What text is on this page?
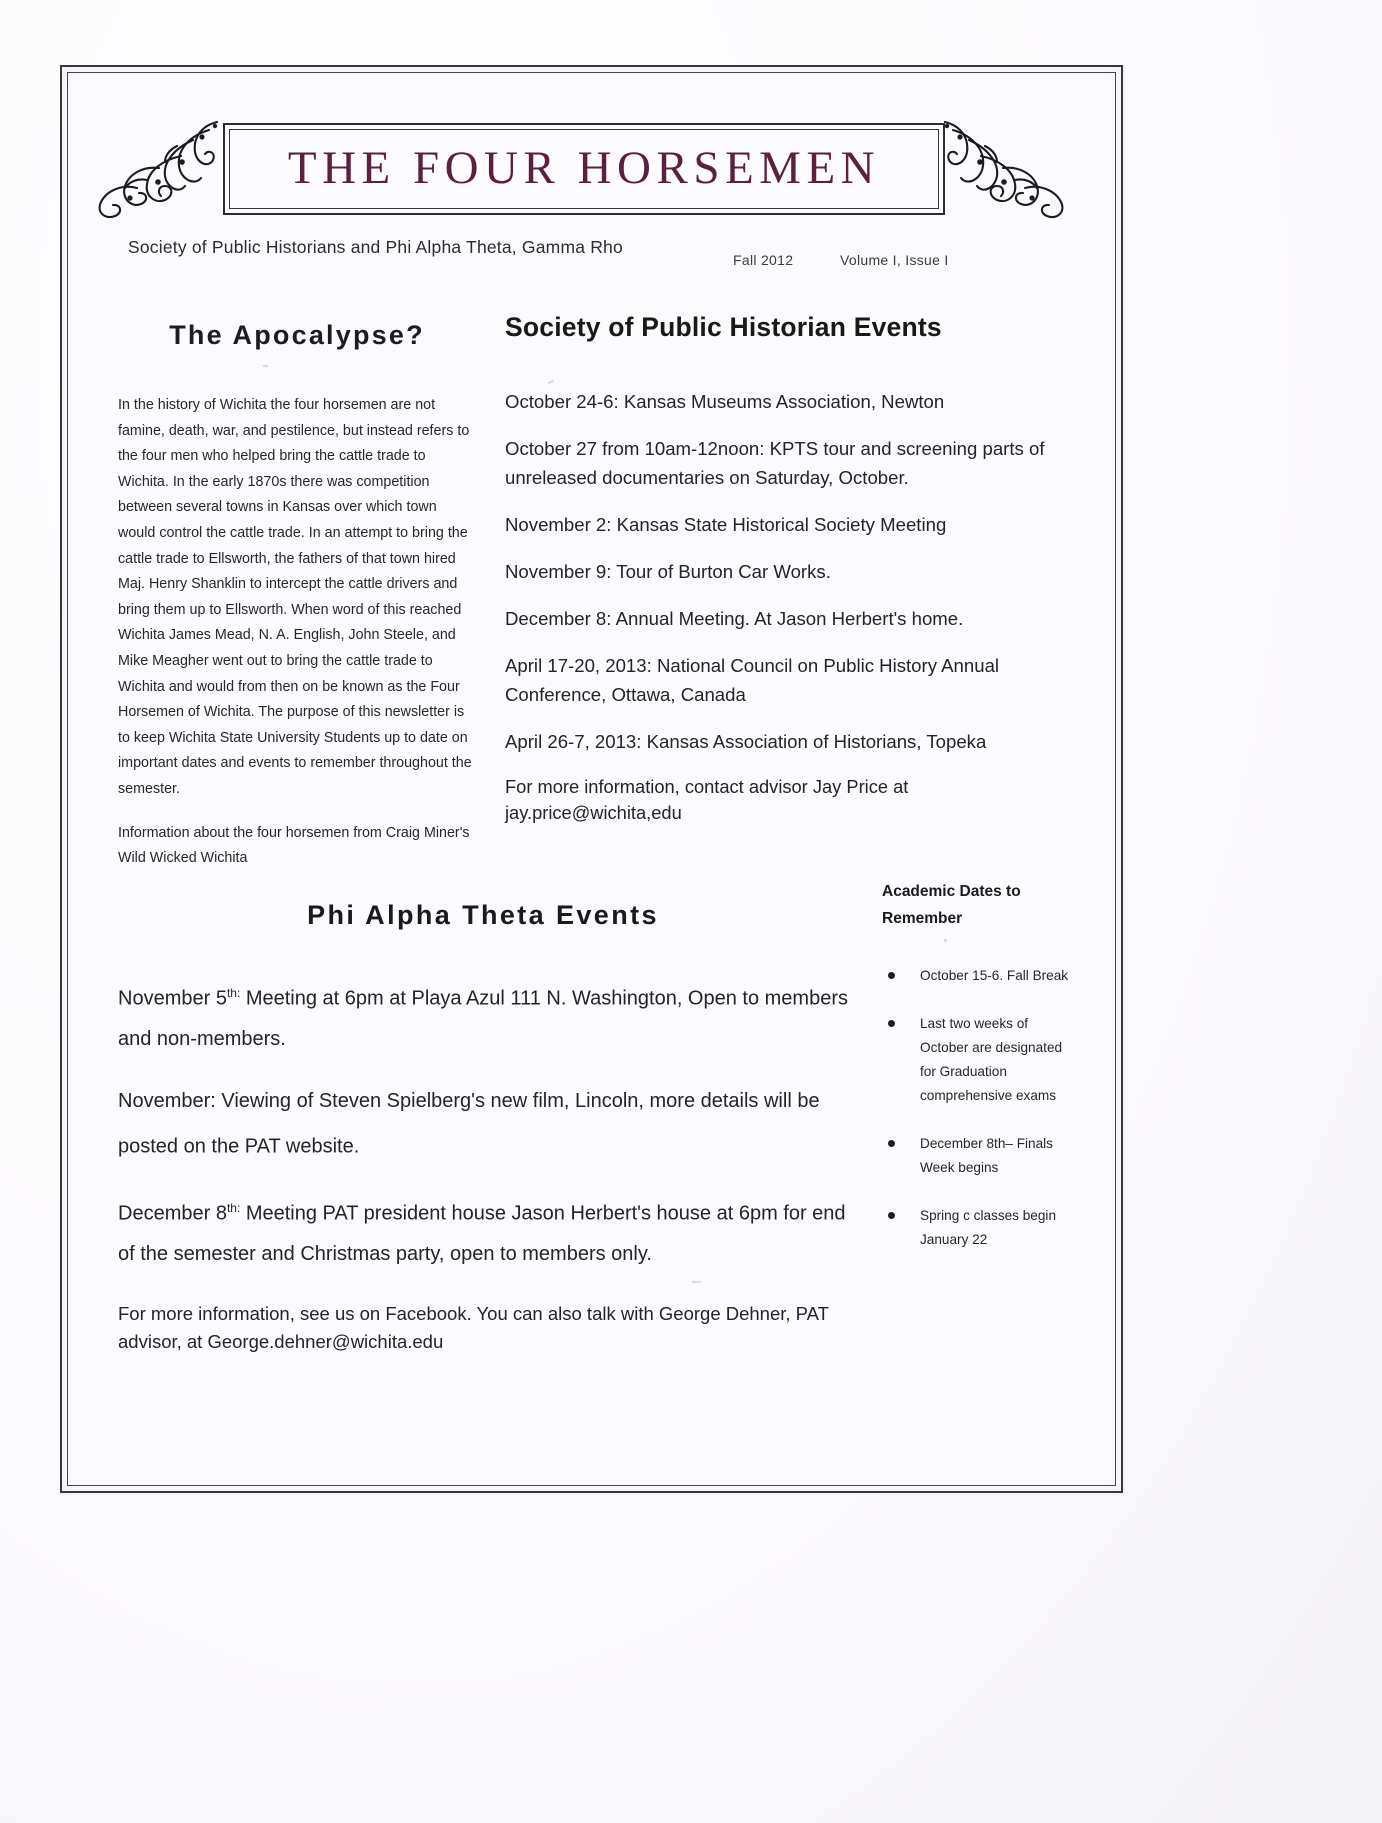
THE FOUR HORSEMEN
Society of Public Historians and Phi Alpha Theta, Gamma Rho
Fall 2012	Volume I, Issue I
The Apocalypse?

In the history of Wichita the four horsemen are not famine, death, war, and pestilence, but instead refers to the four men who helped bring the cattle trade to Wichita. In the early 1870s there was competition between several towns in Kansas over which town would control the cattle trade. In an attempt to bring the cattle trade to Ellsworth, the fathers of that town hired Maj. Henry Shanklin to intercept the cattle drivers and bring them up to Ellsworth. When word of this reached Wichita James Mead, N. A. English, John Steele, and Mike Meagher went out to bring the cattle trade to Wichita and would from then on be known as the Four Horsemen of Wichita. The purpose of this newsletter is to keep Wichita State University Students up to date on important dates and events to remember throughout the semester.

Information about the four horsemen from Craig Miner's Wild Wicked Wichita

Society of Public Historian Events

October 24-6: Kansas Museums Association, Newton

October 27 from 10am-12noon: KPTS tour and screening parts of unreleased documentaries on Saturday, October.

November 2: Kansas State Historical Society Meeting

November 9: Tour of Burton Car Works.

December 8: Annual Meeting. At Jason Herbert's home.

April 17-20, 2013: National Council on Public History Annual Conference, Ottawa, Canada

April 26-7, 2013: Kansas Association of Historians, Topeka

For more information, contact advisor Jay Price at jay.price@wichita,edu

Phi Alpha Theta Events

November $5^{th:}$ Meeting at 6pm at Playa Azul 111 N. Washington, Open to members and non-members.

November: Viewing of Steven Spielberg's new film, Lincoln, more details will be posted on the PAT website.

December $8^{th:}$ Meeting PAT president house Jason Herbert's house at 6pm for end of the semester and Christmas party, open to members only.

For more information, see us on Facebook. You can also talk with George Dehner, PAT advisor, at George.dehner@wichita.edu

Academic Dates to Remember
October 15-6. Fall Break
Last two weeks of October are designated for Graduation comprehensive exams
December 8th– Finals Week begins
Spring c classes begin January 22
